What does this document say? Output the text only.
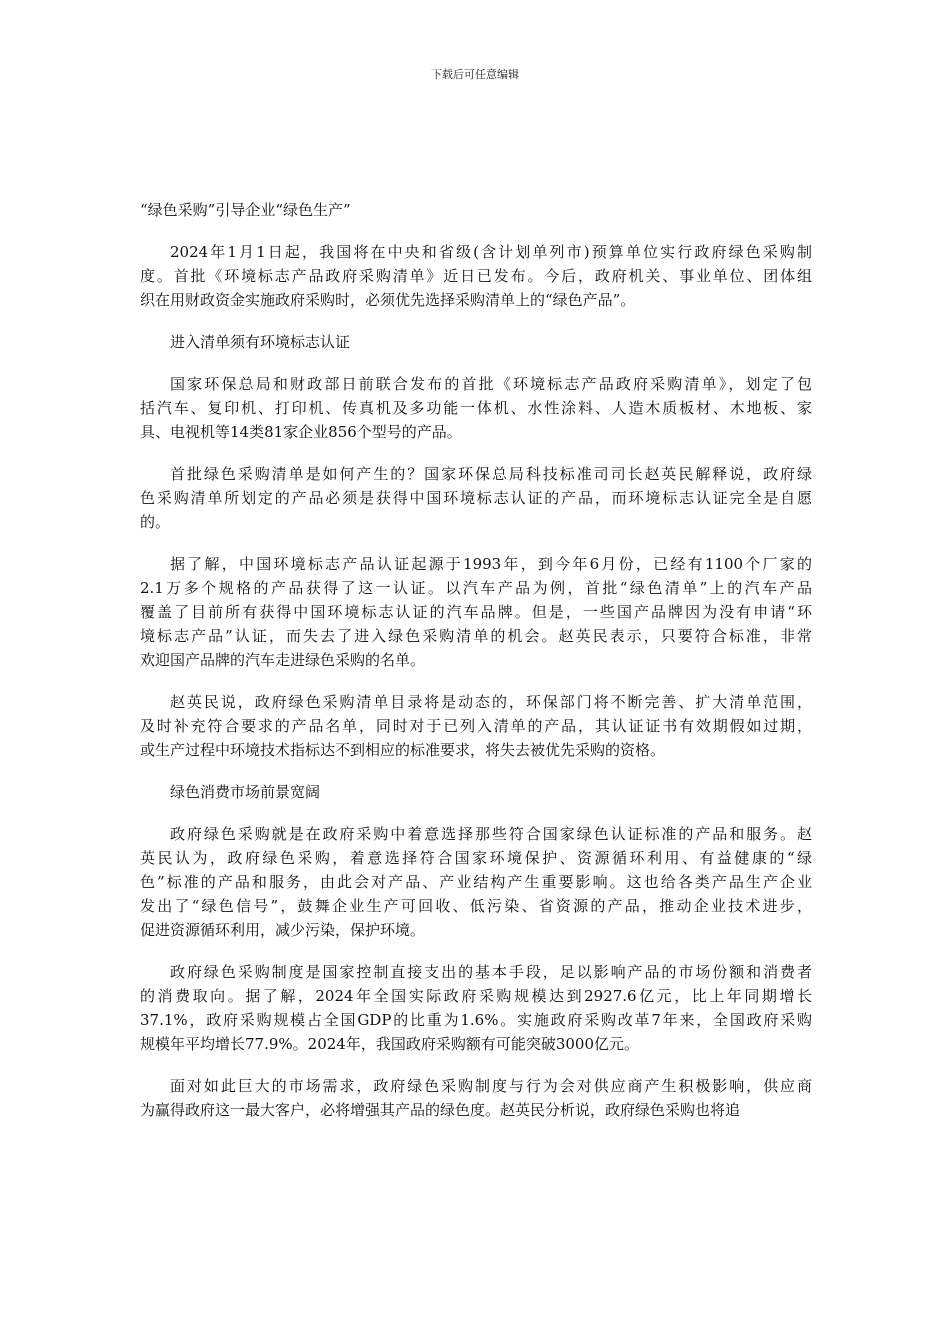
下载后可任意编辑
“绿色采购”引导企业“绿色生产”
2024年1月1日起，我国将在中央和省级(含计划单列市)预算单位实行政府绿色采购制
度。首批《环境标志产品政府采购清单》近日已发布。今后，政府机关、事业单位、团体组
织在用财政资金实施政府采购时，必须优先选择采购清单上的“绿色产品”。
进入清单须有环境标志认证
国家环保总局和财政部日前联合发布的首批《环境标志产品政府采购清单》，划定了包
括汽车、复印机、打印机、传真机及多功能一体机、水性涂料、人造木质板材、木地板、家
具、电视机等14类81家企业856个型号的产品。
首批绿色采购清单是如何产生的？国家环保总局科技标准司司长赵英民解释说，政府绿
色采购清单所划定的产品必须是获得中国环境标志认证的产品，而环境标志认证完全是自愿
的。
据了解，中国环境标志产品认证起源于1993年，到今年6月份，已经有1100个厂家的
2.1万多个规格的产品获得了这一认证。以汽车产品为例，首批“绿色清单”上的汽车产品
覆盖了目前所有获得中国环境标志认证的汽车品牌。但是，一些国产品牌因为没有申请“环
境标志产品”认证，而失去了进入绿色采购清单的机会。赵英民表示，只要符合标准，非常
欢迎国产品牌的汽车走进绿色采购的名单。
赵英民说，政府绿色采购清单目录将是动态的，环保部门将不断完善、扩大清单范围，
及时补充符合要求的产品名单，同时对于已列入清单的产品，其认证证书有效期假如过期，
或生产过程中环境技术指标达不到相应的标准要求，将失去被优先采购的资格。
绿色消费市场前景宽阔
政府绿色采购就是在政府采购中着意选择那些符合国家绿色认证标准的产品和服务。赵
英民认为，政府绿色采购，着意选择符合国家环境保护、资源循环利用、有益健康的“绿
色”标准的产品和服务，由此会对产品、产业结构产生重要影响。这也给各类产品生产企业
发出了“绿色信号”，鼓舞企业生产可回收、低污染、省资源的产品，推动企业技术进步，
促进资源循环利用，减少污染，保护环境。
政府绿色采购制度是国家控制直接支出的基本手段，足以影响产品的市场份额和消费者
的消费取向。据了解，2024年全国实际政府采购规模达到2927.6亿元，比上年同期增长
37.1%，政府采购规模占全国GDP的比重为1.6%。实施政府采购改革7年来，全国政府采购
规模年平均增长77.9%。2024年，我国政府采购额有可能突破3000亿元。
面对如此巨大的市场需求，政府绿色采购制度与行为会对供应商产生积极影响，供应商
为赢得政府这一最大客户，必将增强其产品的绿色度。赵英民分析说，政府绿色采购也将追
